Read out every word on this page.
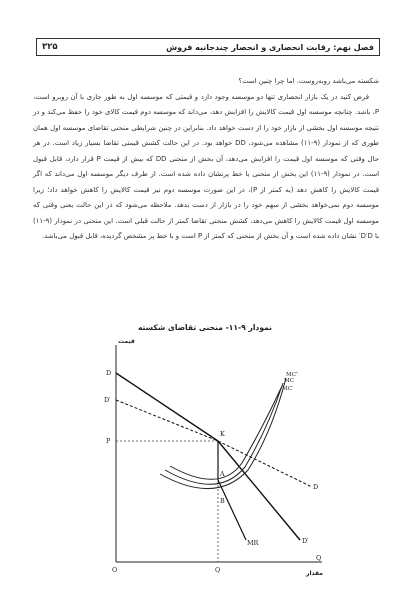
فصل نهم: رقابت انحصاری و انحصار چندجانبه فروش
۳۲۵

شکسته می‌باشد روبه‌روست. اما چرا چنین است؟

فرض کنید در یک بازار انحصاری تنها دو موسسه وجود دارد و قیمتی که موسسه اول به طور جاری با آن روبرو است، P، باشد. چنانچه موسسه اول قیمت کالایش را افزایش دهد، می‌داند که موسسه دوم قیمت کالای خود را حفظ می‌کند و در نتیجه موسسه اول بخشی از بازار خود را از دست خواهد داد. بنابراین در چنین شرایطی منحنی تقاضای موسسه اول همان طوری که از نمودار (۹-۱۱) مشاهده می‌شود، DD خواهد بود. در این حالت کشش قیمتی تقاضا بسیار زیاد است. در هر حال وقتی که موسسه اول قیمت را افزایش می‌دهد، آن بخش از منحنی DD که بیش از قیمت P قرار دارد، قابل قبول است. در نمودار (۹-۱۱) این بخش از منحنی با خط پرنشان داده شده است. از طرف دیگر موسسه اول می‌داند که اگر قیمت کالایش را کاهش دهد (به کمتر از P)، در این صورت موسسه دوم نیز قیمت کالایش را کاهش خواهد داد؛ زیرا موسسه دوم نمی‌خواهد بخشی از سهم خود را در بازار از دست بدهد. ملاحظه می‌شود که در این حالت یعنی وقتی که موسسه اول قیمت کالایش را کاهش می‌دهد، کشش منحنی تقاضا کمتر از حالت قبلی است. این منحنی در نمودار (۹-۱۱) با D′D′ نشان داده شده است و آن بخش از منحنی که کمتر از P است و با خط پر مشخص گردیده، قابل قبول می‌باشد.

نمودار ۹-۱۱- منحنی تقاضای شکسته
قیمت
مقدار
D
D′
P
K
A
B
MR	D′
D
MC″
MC
MC′
O	Q
Q
